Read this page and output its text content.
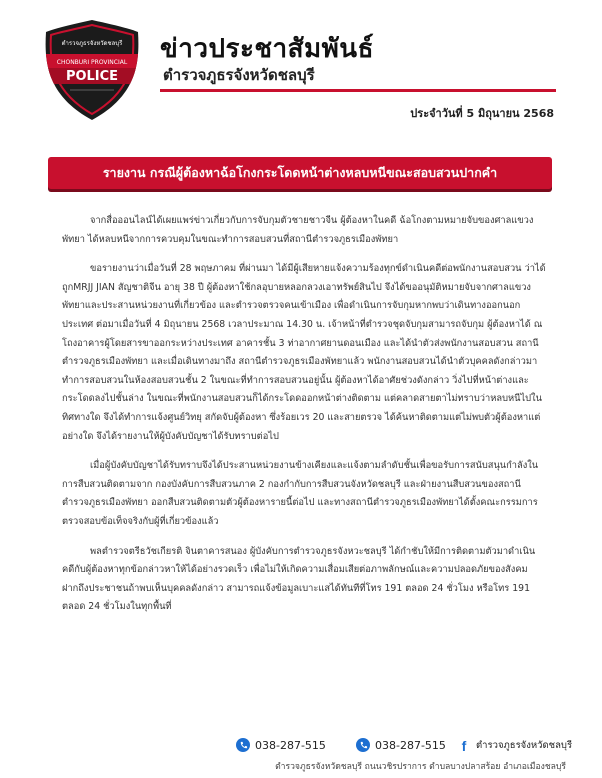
ตำรวจภูธรจังหวัดชลบุรี
CHONBURI PROVINCIAL
POLICE
ข่าวประชาสัมพันธ์
ตำรวจภูธรจังหวัดชลบุรี
ประจำวันที่ 5 มิถุนายน 2568
รายงาน กรณีผู้ต้องหาฉ้อโกงกระโดดหน้าต่างหลบหนีขณะสอบสวนปากคำ

จากสื่อออนไลน์ได้เผยแพร่ข่าวเกี่ยวกับการจับกุมตัวชายชาวจีน ผู้ต้องหาในคดี ฉ้อโกงตามหมายจับของศาลแขวงพัทยา ได้หลบหนีจากการควบคุมในขณะทำการสอบสวนที่สถานีตำรวจภูธรเมืองพัทยา

ขอรายงานว่าเมื่อวันที่ 28 พฤษภาคม ที่ผ่านมา ได้มีผู้เสียหายแจ้งความร้องทุกข์ดำเนินคดีต่อพนักงานสอบสวน ว่าได้ถูกMRJJ JIAN สัญชาติจีน อายุ 38 ปี ผู้ต้องหาใช้กลอุบายหลอกลวงเอาทรัพย์สินไป จึงได้ขออนุมัติหมายจับจากศาลแขวงพัทยาและประสานหน่วยงานที่เกี่ยวข้อง และตำรวจตรวจคนเข้าเมือง เพื่อดำเนินการจับกุมหากพบว่าเดินทางออกนอกประเทศ ต่อมาเมื่อวันที่ 4 มิถุนายน 2568 เวลาประมาณ 14.30 น. เจ้าหน้าที่ตำรวจชุดจับกุมสามารถจับกุม ผู้ต้องหาได้ ณ โถงอาคารผู้โดยสารขาออกระหว่างประเทศ อาคารชั้น 3 ท่าอากาศยานดอนเมือง และได้นำตัวส่งพนักงานสอบสวน สถานีตำรวจภูธรเมืองพัทยา และเมื่อเดินทางมาถึง สถานีตำรวจภูธรเมืองพัทยาแล้ว พนักงานสอบสวนได้นำตัวบุคคลดังกล่าวมาทำการสอบสวนในห้องสอบสวนชั้น 2 ในขณะที่ทำการสอบสวนอยู่นั้น ผู้ต้องหาได้อาศัยช่วงดังกล่าว วิ่งไปที่หน้าต่างและกระโดดลงไปชั้นล่าง ในขณะที่พนักงานสอบสวนก็ได้กระโดดออกหน้าต่างติดตาม แต่คลาดสายตาไม่ทราบว่าหลบหนีไปในทิศทางใด จึงได้ทำการแจ้งศูนย์วิทยุ สกัดจับผู้ต้องหา ซึ่งร้อยเวร 20 และสายตรวจ ได้ค้นหาติดตามแต่ไม่พบตัวผู้ต้องหาแต่อย่างใด จึงได้รายงานให้ผู้บังคับบัญชาได้รับทราบต่อไป

เมื่อผู้บังคับบัญชาได้รับทราบจึงได้ประสานหน่วยงานข้างเคียงและแจ้งตามลำดับชั้นเพื่อขอรับการสนับสนุนกำลังในการสืบสวนติดตามจาก กองบังคับการสืบสวนภาค 2 กองกำกับการสืบสวนจังหวัดชลบุรี และฝ่ายงานสืบสวนของสถานีตำรวจภูธรเมืองพัทยา ออกสืบสวนติดตามตัวผู้ต้องหารายนี้ต่อไป และทางสถานีตำรวจภูธรเมืองพัทยาได้ตั้งคณะกรรมการตรวจสอบข้อเท็จจริงกับผู้ที่เกี่ยวข้องแล้ว

พลตำรวจตรีธวัชเกียรติ จินตาคารสนอง ผู้บังคับการตำรวจภูธรจังหวะชลบุรี ได้กำชับให้มีการติดตามตัวมาดำเนินคดีกับผู้ต้องหาทุกข้อกล่าวหาให้ได้อย่างรวดเร็ว เพื่อไม่ให้เกิดความเสื่อมเสียต่อภาพลักษณ์และความปลอดภัยของสังคม ฝากถึงประชาชนถ้าพบเห็นบุคคลดังกล่าว สามารถแจ้งข้อมูลเบาะแสได้ทันทีที่โทร 191 ตลอด 24 ชั่วโมง หรือโทร 191 ตลอด 24 ชั่วโมงในทุกพื้นที่

038-287-515	038-287-515 f	ตำรวจภูธรจังหวัดชลบุรี
ตำรวจภูธรจังหวัดชลบุรี ถนนวชิรปราการ ตำบลบางปลาสร้อย อำเภอเมืองชลบุรี
